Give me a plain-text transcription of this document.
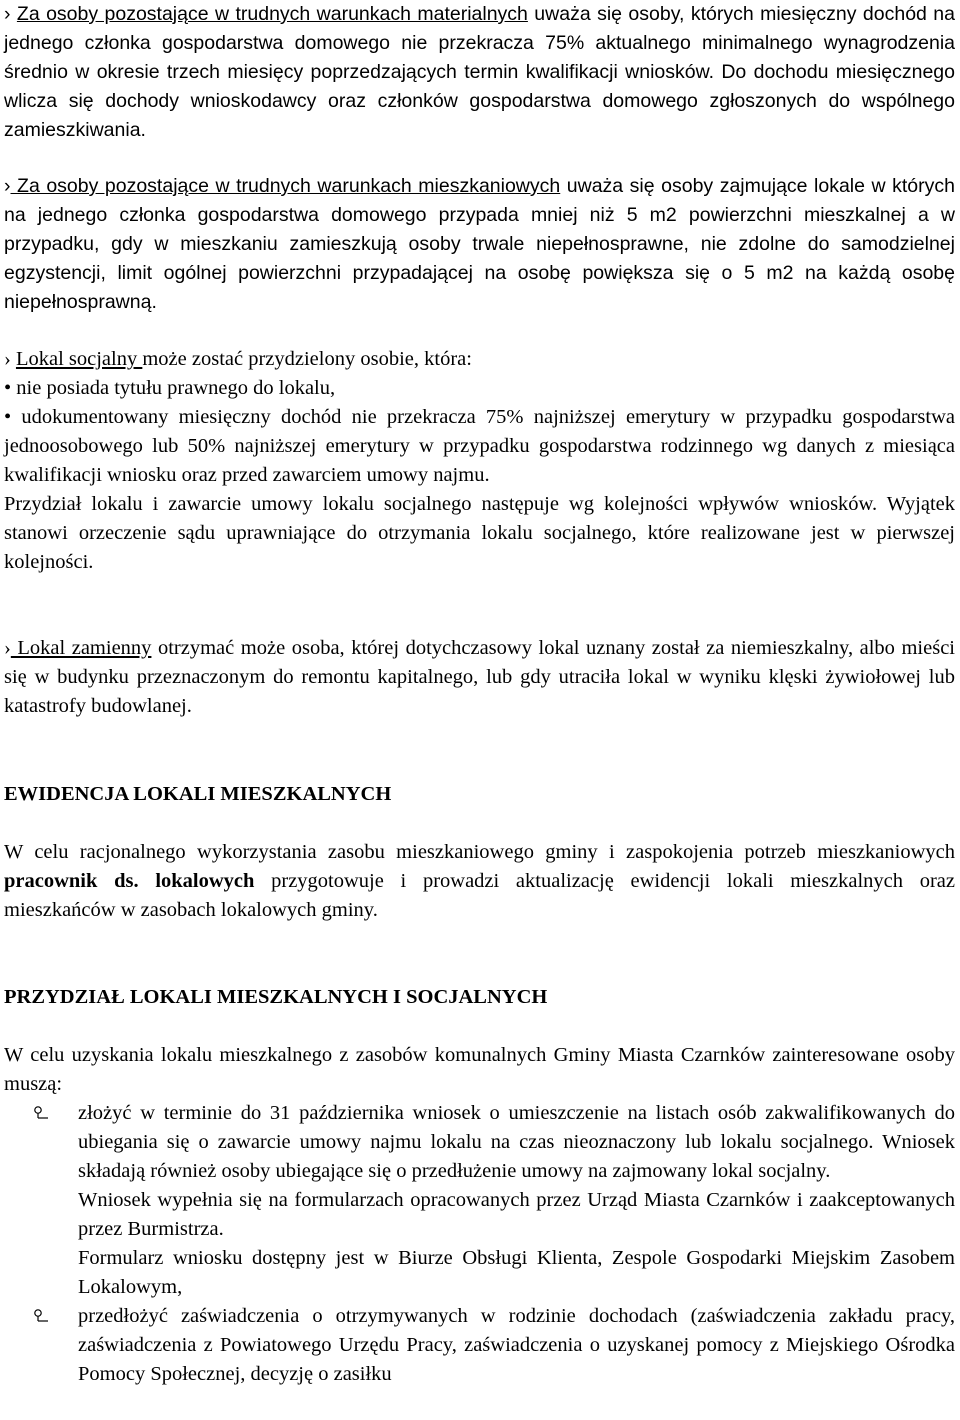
› Za osoby pozostające w trudnych warunkach materialnych uważa się osoby, których miesięczny dochód na jednego członka gospodarstwa domowego nie przekracza 75% aktualnego minimalnego wynagrodzenia średnio w okresie trzech miesięcy poprzedzających termin kwalifikacji wniosków. Do dochodu miesięcznego wlicza się dochody wnioskodawcy oraz członków gospodarstwa domowego zgłoszonych do wspólnego zamieszkiwania.

› Za osoby pozostające w trudnych warunkach mieszkaniowych uważa się osoby zajmujące lokale w których na jednego członka gospodarstwa domowego przypada mniej niż 5 m2 powierzchni mieszkalnej a w przypadku, gdy w mieszkaniu zamieszkują osoby trwale niepełnosprawne, nie zdolne do samodzielnej egzystencji, limit ogólnej powierzchni przypadającej na osobę powiększa się o 5 m2 na każdą osobę niepełnosprawną.

› Lokal socjalny może zostać przydzielony osobie, która:
• nie posiada tytułu prawnego do lokalu,
• udokumentowany miesięczny dochód nie przekracza 75% najniższej emerytury w przypadku gospodarstwa jednoosobowego lub 50% najniższej emerytury w przypadku gospodarstwa rodzinnego wg danych z miesiąca kwalifikacji wniosku oraz przed zawarciem umowy najmu.
Przydział lokalu i zawarcie umowy lokalu socjalnego następuje wg kolejności wpływów wniosków. Wyjątek stanowi orzeczenie sądu uprawniające do otrzymania lokalu socjalnego, które realizowane jest w pierwszej kolejności.

› Lokal zamienny otrzymać może osoba, której dotychczasowy lokal uznany został za niemieszkalny, albo mieści się w budynku przeznaczonym do remontu kapitalnego, lub gdy utraciła lokal w wyniku klęski żywiołowej lub katastrofy budowlanej.

EWIDENCJA LOKALI MIESZKALNYCH

W celu racjonalnego wykorzystania zasobu mieszkaniowego gminy i zaspokojenia potrzeb mieszkaniowych pracownik ds. lokalowych przygotowuje i prowadzi aktualizację ewidencji lokali mieszkalnych oraz mieszkańców w zasobach lokalowych gminy.

PRZYDZIAŁ LOKALI MIESZKALNYCH I SOCJALNYCH

W celu uzyskania lokalu mieszkalnego z zasobów komunalnych Gminy Miasta Czarnków zainteresowane osoby muszą:

złożyć w terminie do 31 października wniosek o umieszczenie na listach osób zakwalifikowanych do ubiegania się o zawarcie umowy najmu lokalu na czas nieoznaczony lub lokalu socjalnego. Wniosek składają również osoby ubiegające się o przedłużenie umowy na zajmowany lokal socjalny.
Wniosek wypełnia się na formularzach opracowanych przez Urząd Miasta Czarnków i zaakceptowanych przez Burmistrza.
Formularz wniosku dostępny jest w Biurze Obsługi Klienta, Zespole Gospodarki Miejskim Zasobem Lokalowym,
przedłożyć zaświadczenia o otrzymywanych w rodzinie dochodach (zaświadczenia zakładu pracy, zaświadczenia z Powiatowego Urzędu Pracy, zaświadczenia o uzyskanej pomocy z Miejskiego Ośrodka Pomocy Społecznej, decyzję o zasiłku
